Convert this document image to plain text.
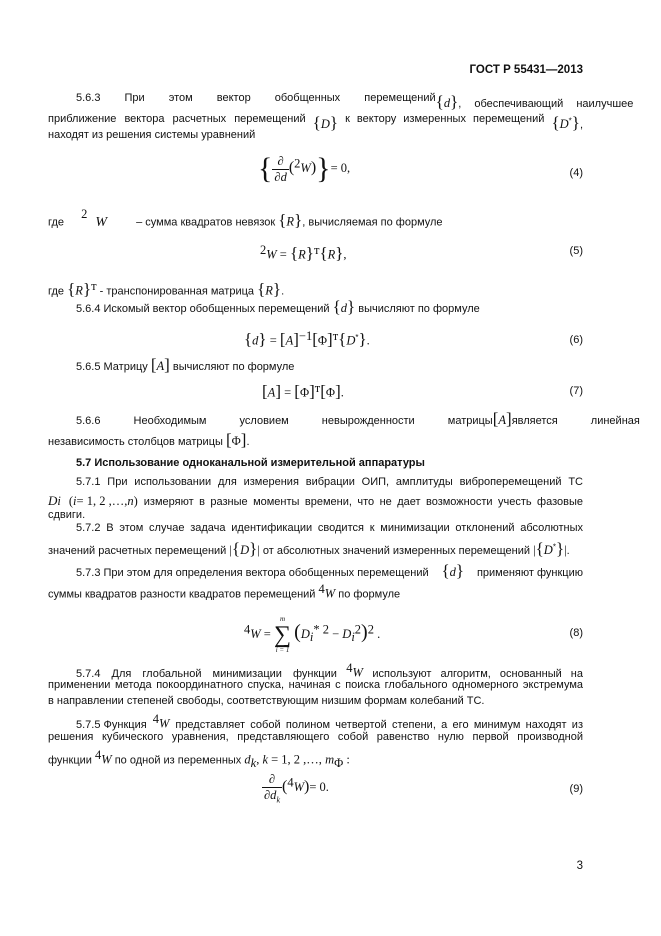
ГОСТ Р 55431—2013
5.6.3 При этом вектор обобщенных перемещений {d}, обеспечивающий наилучшее
приближение вектора расчетных перемещений {D} к вектору измеренных перемещений {D*},
находят из решения системы уравнений
{ $\frac{\partial}{\partial d} (^2W)\}= 0$,	(4)
где $^2$W	– сумма квадратов невязок {R}, вычисляемая по формуле
$^2W = \{R\}^т\{R\}$,	(5)
где $\{R\}^т$ - транспонированная матрица {R}.
5.6.4 Искомый вектор обобщенных перемещений {d} вычисляют по формуле
$\{d\} = [A]^{-1}[\Phi]^т\{D^*\}$.	(6)
5.6.5 Матрицу [A] вычисляют по формуле
$[A] = [\Phi]^т[\Phi]$.	(7)
5.6.6 Необходимым условием невырожденности матрицы [A] является линейная
независимость столбцов матрицы [Φ].
5.7 Использование одноканальной измерительной аппаратуры
5.7.1 При использовании для измерения вибрации ОИП, амплитуды виброперемещений ТС
D i ( i = 1, 2 ,…, n ) измеряют в разные моменты времени, что не дает возможности учесть фазовые
сдвиги.
5.7.2 В этом случае задача идентификации сводится к минимизации отклонений абсолютных
значений расчетных перемещений |{D}| от абсолютных значений измеренных перемещений |{D*}|.
5.7.3 При этом для определения вектора обобщенных перемещений {d} применяют функцию
суммы квадратов разности квадратов перемещений $^4$W по формуле
$^4$W =
m
∑
i = 1
$(D_i^{* 2} - D_i^2)^2$ .	(8)
5.7.4 Для глобальной минимизации функции $^4$W используют алгоритм, основанный на
применении метода покоординатного спуска, начиная с поиска глобального одномерного экстремума
в направлении степеней свободы, соответствующим низшим формам колебаний ТС.
5.7.5 Функция $^4$W представляет собой полином четвертой степени, а его минимум находят из
решения кубического уравнения, представляющего собой равенство нулю первой производной
функции $^4$W по одной из переменных $d_k$, k = 1, 2 ,…, $m_\Phi$ :
$\frac{\partial}{\partial d_k} (^4W)= 0$.	(9)
3
